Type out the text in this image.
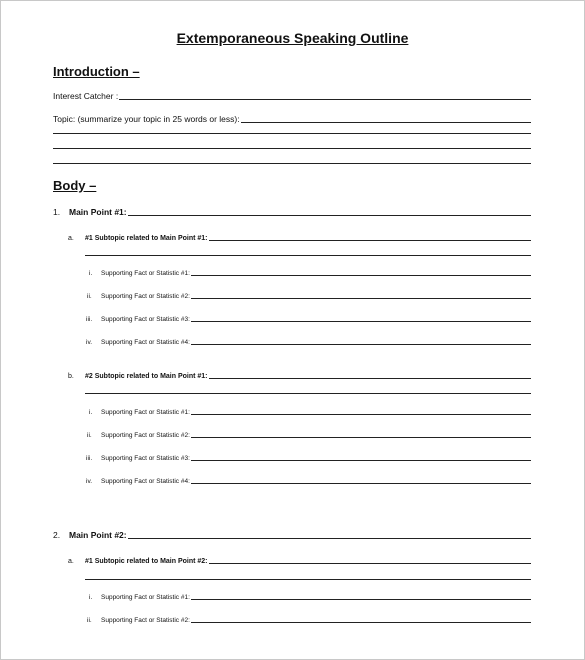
Extemporaneous Speaking Outline
Introduction –
Interest Catcher :
Topic: (summarize your topic in 25 words or less):
Body –
1. Main Point #1:
a. #1 Subtopic related to Main Point #1:
i. Supporting Fact or Statistic #1:
ii. Supporting Fact or Statistic #2:
iii. Supporting Fact or Statistic #3:
iv. Supporting Fact or Statistic #4:
b. #2 Subtopic related to Main Point #1:
i. Supporting Fact or Statistic #1:
ii. Supporting Fact or Statistic #2:
iii. Supporting Fact or Statistic #3:
iv. Supporting Fact or Statistic #4:
2. Main Point #2:
a. #1 Subtopic related to Main Point #2:
i. Supporting Fact or Statistic #1:
ii. Supporting Fact or Statistic #2:
